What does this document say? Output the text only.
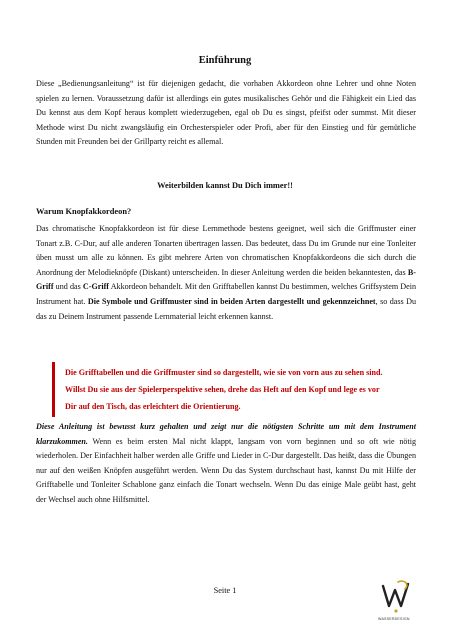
Einführung
Diese „Bedienungsanleitung“ ist für diejenigen gedacht, die vorhaben Akkordeon ohne Lehrer und ohne Noten spielen zu lernen. Voraussetzung dafür ist allerdings ein gutes musikalisches Gehör und die Fähigkeit ein Lied das Du kennst aus dem Kopf heraus komplett wiederzugeben, egal ob Du es singst, pfeifst oder summst. Mit dieser Methode wirst Du nicht zwangsläufig ein Orchesterspieler oder Profi, aber für den Einstieg und für gemütliche Stunden mit Freunden bei der Grillparty reicht es allemal.
Weiterbilden kannst Du Dich immer!!
Warum Knopfakkordeon?
Das chromatische Knopfakkordeon ist für diese Lernmethode bestens geeignet, weil sich die Griffmuster einer Tonart z.B. C-Dur, auf alle anderen Tonarten übertragen lassen. Das bedeutet, dass Du im Grunde nur eine Tonleiter üben musst um alle zu können. Es gibt mehrere Arten von chromatischen Knopfakkordeons die sich durch die Anordnung der Melodieknöpfe (Diskant) unterscheiden. In dieser Anleitung werden die beiden bekanntesten, das B-Griff und das C-Griff Akkordeon behandelt. Mit den Grifftabellen kannst Du bestimmen, welches Griffsystem Dein Instrument hat. Die Symbole und Griffmuster sind in beiden Arten dargestellt und gekennzeichnet, so dass Du das zu Deinem Instrument passende Lernmaterial leicht erkennen kannst.
Die Grifftabellen und die Griffmuster sind so dargestellt, wie sie von vorn aus zu sehen sind. Willst Du sie aus der Spielerperspektive sehen, drehe das Heft auf den Kopf und lege es vor Dir auf den Tisch, das erleichtert die Orientierung.
Diese Anleitung ist bewusst kurz gehalten und zeigt nur die nötigsten Schritte um mit dem Instrument klarzukommen. Wenn es beim ersten Mal nicht klappt, langsam von vorn beginnen und so oft wie nötig wiederholen. Der Einfachheit halber werden alle Griffe und Lieder in C-Dur dargestellt. Das heißt, dass die Übungen nur auf den weißen Knöpfen ausgeführt werden. Wenn Du das System durchschaut hast, kannst Du mit Hilfe der Grifftabelle und Tonleiter Schablone ganz einfach die Tonart wechseln. Wenn Du das einige Male geübt hast, geht der Wechsel auch ohne Hilfsmittel.
Seite 1
WASSERDESIGN
